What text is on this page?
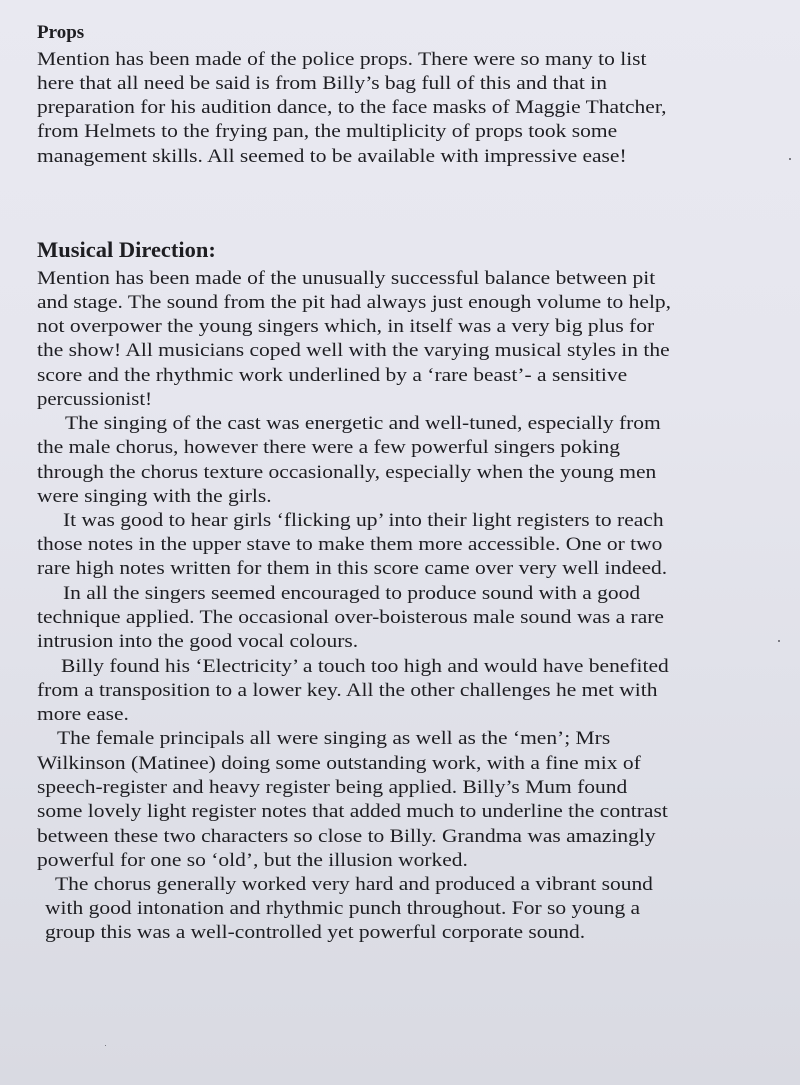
Props

Mention has been made of the police props. There were so many to list

here that all need be said is from Billy’s bag full of this and that in

preparation for his audition dance, to the face masks of Maggie Thatcher,

from Helmets to the frying pan, the multiplicity of props took some

management skills. All seemed to be available with impressive ease!

Musical Direction:

Mention has been made of the unusually successful balance between pit

and stage. The sound from the pit had always just enough volume to help,

not overpower the young singers which, in itself was a very big plus for

the show! All musicians coped well with the varying musical styles in the

score and the rhythmic work underlined by a ‘rare beast’- a sensitive

percussionist!

The singing of the cast was energetic and well-tuned, especially from

the male chorus, however there were a few powerful singers poking

through the chorus texture occasionally, especially when the young men

were singing with the girls.

It was good to hear girls ‘flicking up’ into their light registers to reach

those notes in the upper stave to make them more accessible. One or two

rare high notes written for them in this score came over very well indeed.

In all the singers seemed encouraged to produce sound with a good

technique applied. The occasional over-boisterous male sound was a rare

intrusion into the good vocal colours.

Billy found his ‘Electricity’ a touch too high and would have benefited

from a transposition to a lower key. All the other challenges he met with

more ease.

The female principals all were singing as well as the ‘men’; Mrs

Wilkinson (Matinee) doing some outstanding work, with a fine mix of

speech-register and heavy register being applied. Billy’s Mum found

some lovely light register notes that added much to underline the contrast

between these two characters so close to Billy. Grandma was amazingly

powerful for one so ‘old’, but the illusion worked.

The chorus generally worked very hard and produced a vibrant sound

with good intonation and rhythmic punch throughout. For so young a

group this was a well-controlled yet powerful corporate sound.
